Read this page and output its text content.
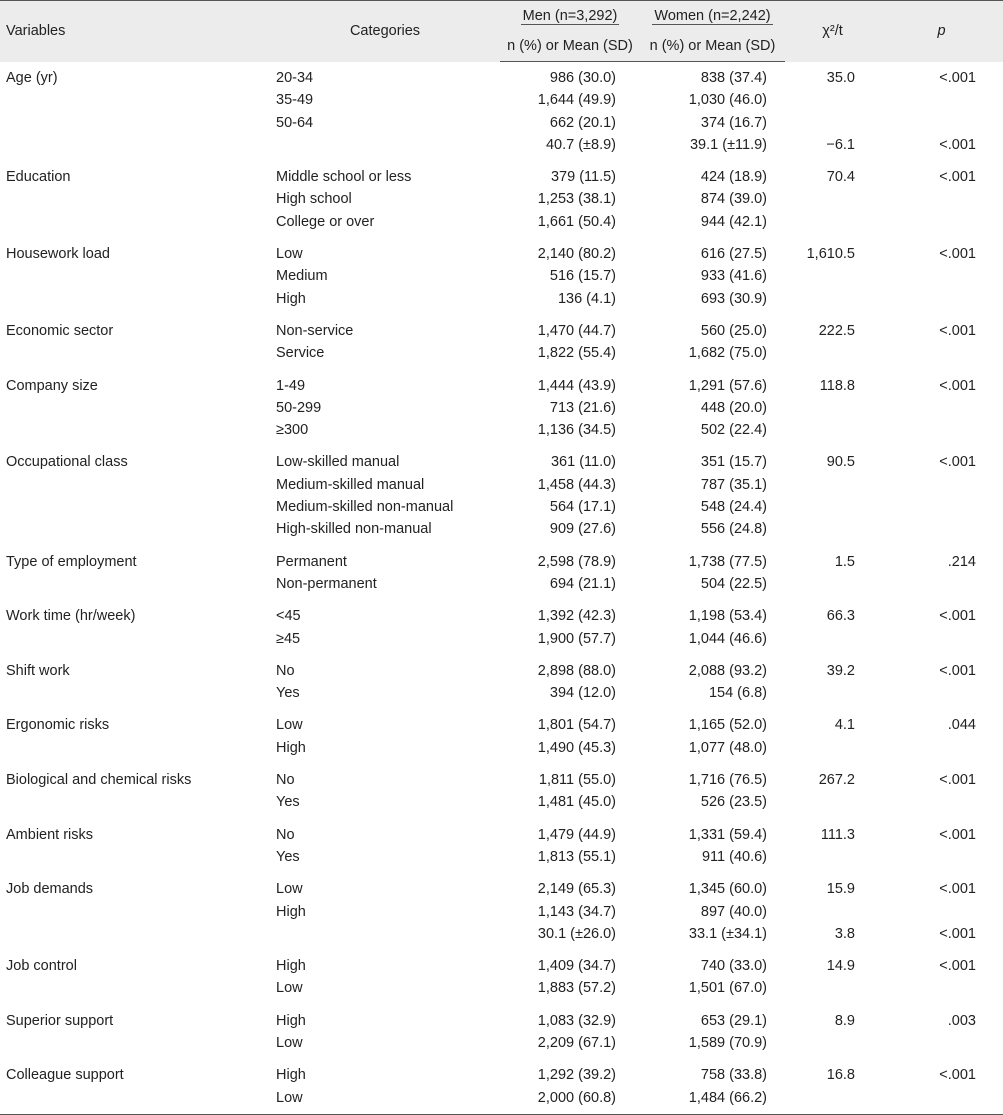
Variables	Categories	Men (n=3,292)	Women (n=2,242)	χ²/t	p
		n (%) or Mean (SD)	n (%) or Mean (SD)		
Age (yr)	20-34	986 (30.0)	838 (37.4)	35.0	<.001
	35-49	1,644 (49.9)	1,030 (46.0)		
	50-64	662 (20.1)	374 (16.7)		
		40.7 (±8.9)	39.1 (±11.9)	−6.1	<.001
Education	Middle school or less	379 (11.5)	424 (18.9)	70.4	<.001
	High school	1,253 (38.1)	874 (39.0)		
	College or over	1,661 (50.4)	944 (42.1)		
Housework load	Low	2,140 (80.2)	616 (27.5)	1,610.5	<.001
	Medium	516 (15.7)	933 (41.6)		
	High	136 (4.1)	693 (30.9)		
Economic sector	Non-service	1,470 (44.7)	560 (25.0)	222.5	<.001
	Service	1,822 (55.4)	1,682 (75.0)		
Company size	1-49	1,444 (43.9)	1,291 (57.6)	118.8	<.001
	50-299	713 (21.6)	448 (20.0)		
	≥300	1,136 (34.5)	502 (22.4)		
Occupational class	Low-skilled manual	361 (11.0)	351 (15.7)	90.5	<.001
	Medium-skilled manual	1,458 (44.3)	787 (35.1)		
	Medium-skilled non-manual	564 (17.1)	548 (24.4)		
	High-skilled non-manual	909 (27.6)	556 (24.8)		
Type of employment	Permanent	2,598 (78.9)	1,738 (77.5)	1.5	.214
	Non-permanent	694 (21.1)	504 (22.5)		
Work time (hr/week)	<45	1,392 (42.3)	1,198 (53.4)	66.3	<.001
	≥45	1,900 (57.7)	1,044 (46.6)		
Shift work	No	2,898 (88.0)	2,088 (93.2)	39.2	<.001
	Yes	394 (12.0)	154 (6.8)		
Ergonomic risks	Low	1,801 (54.7)	1,165 (52.0)	4.1	.044
	High	1,490 (45.3)	1,077 (48.0)		
Biological and chemical risks	No	1,811 (55.0)	1,716 (76.5)	267.2	<.001
	Yes	1,481 (45.0)	526 (23.5)		
Ambient risks	No	1,479 (44.9)	1,331 (59.4)	111.3	<.001
	Yes	1,813 (55.1)	911 (40.6)		
Job demands	Low	2,149 (65.3)	1,345 (60.0)	15.9	<.001
	High	1,143 (34.7)	897 (40.0)		
		30.1 (±26.0)	33.1 (±34.1)	3.8	<.001
Job control	High	1,409 (34.7)	740 (33.0)	14.9	<.001
	Low	1,883 (57.2)	1,501 (67.0)		
Superior support	High	1,083 (32.9)	653 (29.1)	8.9	.003
	Low	2,209 (67.1)	1,589 (70.9)		
Colleague support	High	1,292 (39.2)	758 (33.8)	16.8	<.001
	Low	2,000 (60.8)	1,484 (66.2)		
